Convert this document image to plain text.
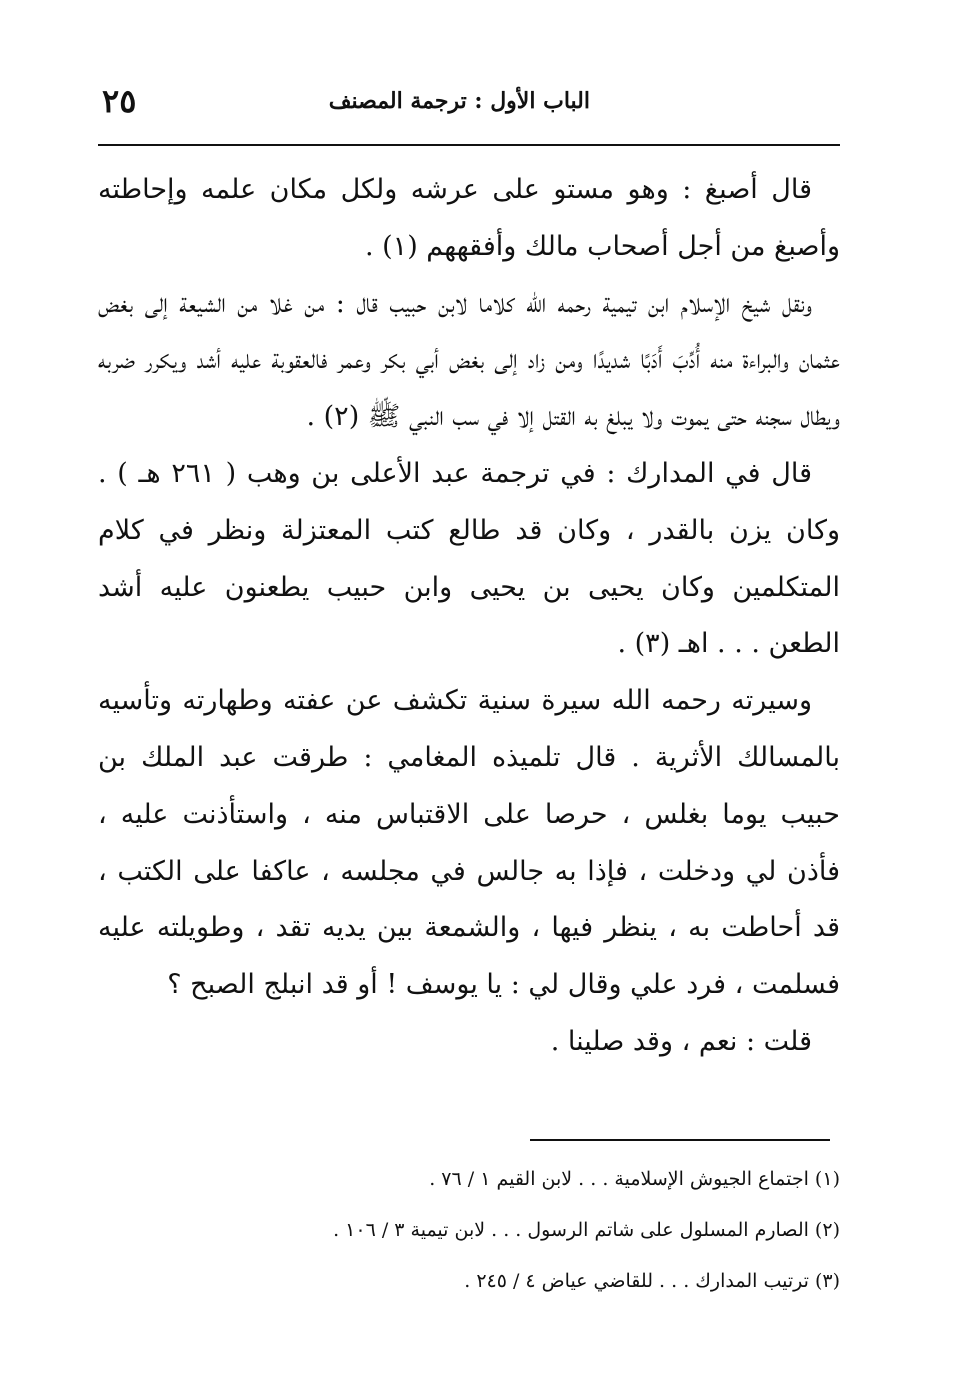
الباب الأول : ترجمة المصنف
٢٥

قال أصبغ : وهو مستو على عرشه ولكل مكان علمه وإحاطته وأصبغ من أجل أصحاب مالك وأفقههم (١) .

ونقل شيخ الإسلام ابن تيمية رحمه الله كلاما لابن حبيب قال : من غلا من الشيعة إلى بغض عثمان والبراءة منه أُدِّبَ أَدَبًا شديدًا ومن زاد إلى بغض أبي بكر وعمر فالعقوبة عليه أشد ويكرر ضربه ويطال سجنه حتى يموت ولا يبلغ به القتل إلا في سب النبي ﷺ (٢) .

قال في المدارك : في ترجمة عبد الأعلى بن وهب ( ٢٦١ هـ ) . وكان يزن بالقدر ، وكان قد طالع كتب المعتزلة ونظر في كلام المتكلمين وكان يحيى بن يحيى وابن حبيب يطعنون عليه أشد الطعن . . . اهـ (٣) .

وسيرته رحمه الله سيرة سنية تكشف عن عفته وطهارته وتأسيه بالمسالك الأثرية . قال تلميذه المغامي : طرقت عبد الملك بن حبيب يوما بغلس ، حرصا على الاقتباس منه ، واستأذنت عليه ، فأذن لي ودخلت ، فإذا به جالس في مجلسه ، عاكفا على الكتب ، قد أحاطت به ، ينظر فيها ، والشمعة بين يديه تقد ، وطويلته عليه فسلمت ، فرد علي وقال لي : يا يوسف ! أو قد انبلج الصبح ؟

قلت : نعم ، وقد صلينا .

(١) اجتماع الجيوش الإسلامية . . . لابن القيم ١ / ٧٦ .
(٢) الصارم المسلول على شاتم الرسول . . . لابن تيمية ٣ / ١٠٦ .
(٣) ترتيب المدارك . . . للقاضي عياض ٤ / ٢٤٥ .
